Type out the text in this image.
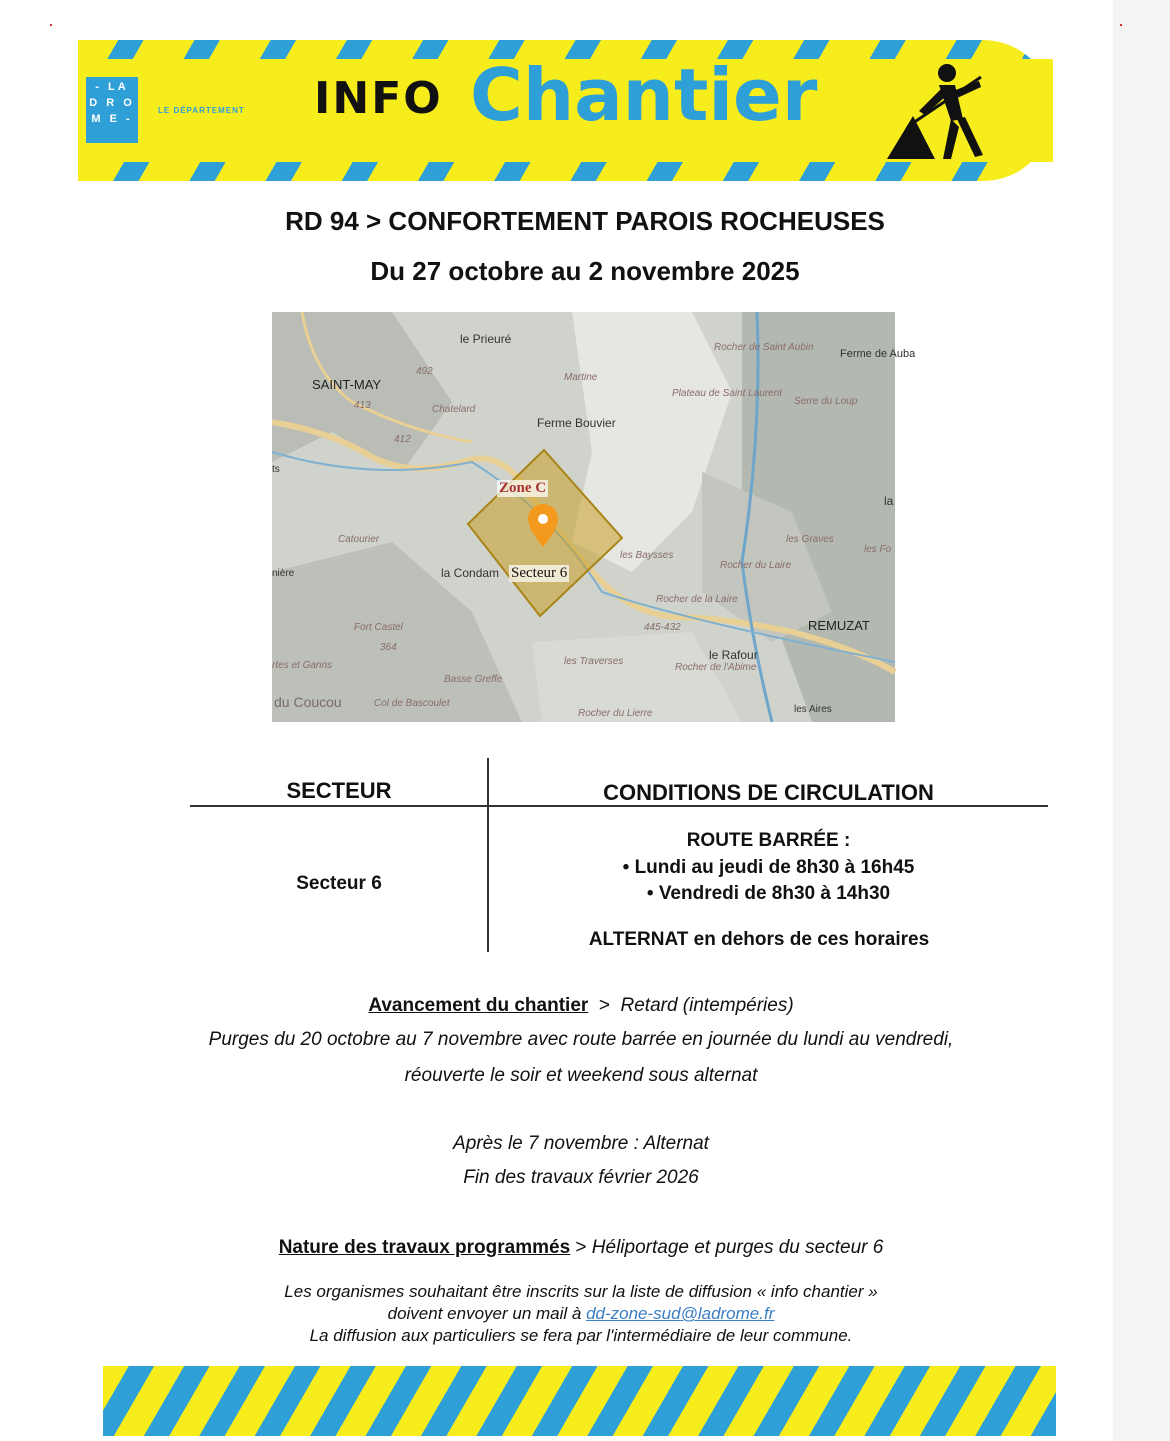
- LA
D R O
M E -
LE DÉPARTEMENT INFO Chantier
RD 94 > CONFORTEMENT PAROIS ROCHEUSES
Du 27 octobre au 2 novembre 2025
le Prieuré
SAINT-MAY	Martine
Rocher de Saint Aubin
Ferme de Auba
Chatelard
Plateau de Saint Laurent
Serre du Loup
Ferme Bouvier
Catourier
la Condam
les Baysses
les Graves
les Fo
Rocher du Laire
Rocher de la Laire
REMUZAT
Fort Castel
rtes et Ganns
le Rafour
Rocher de l'Abime
les Traverses
Basse Greffe
du Coucou	Col de Bascoulet
Rocher du Lierre	les Aires
492
413
412
445-432
364
la
ts
nière
Zone C
Secteur 6
SECTEUR	CONDITIONS DE CIRCULATION
Secteur 6
ROUTE BARRÉE :
• Lundi au jeudi de 8h30 à 16h45
• Vendredi de 8h30 à 14h30
ALTERNAT en dehors de ces horaires
Avancement du chantier  >  Retard (intempéries)
Purges du 20 octobre au 7 novembre avec route barrée en journée du lundi au vendredi,
réouverte le soir et weekend sous alternat
Après le 7 novembre : Alternat
Fin des travaux février 2026
Nature des travaux programmés > Héliportage et purges du secteur 6
Les organismes souhaitant être inscrits sur la liste de diffusion « info chantier »
doivent envoyer un mail à dd-zone-sud@ladrome.fr
La diffusion aux particuliers se fera par l'intermédiaire de leur commune.
